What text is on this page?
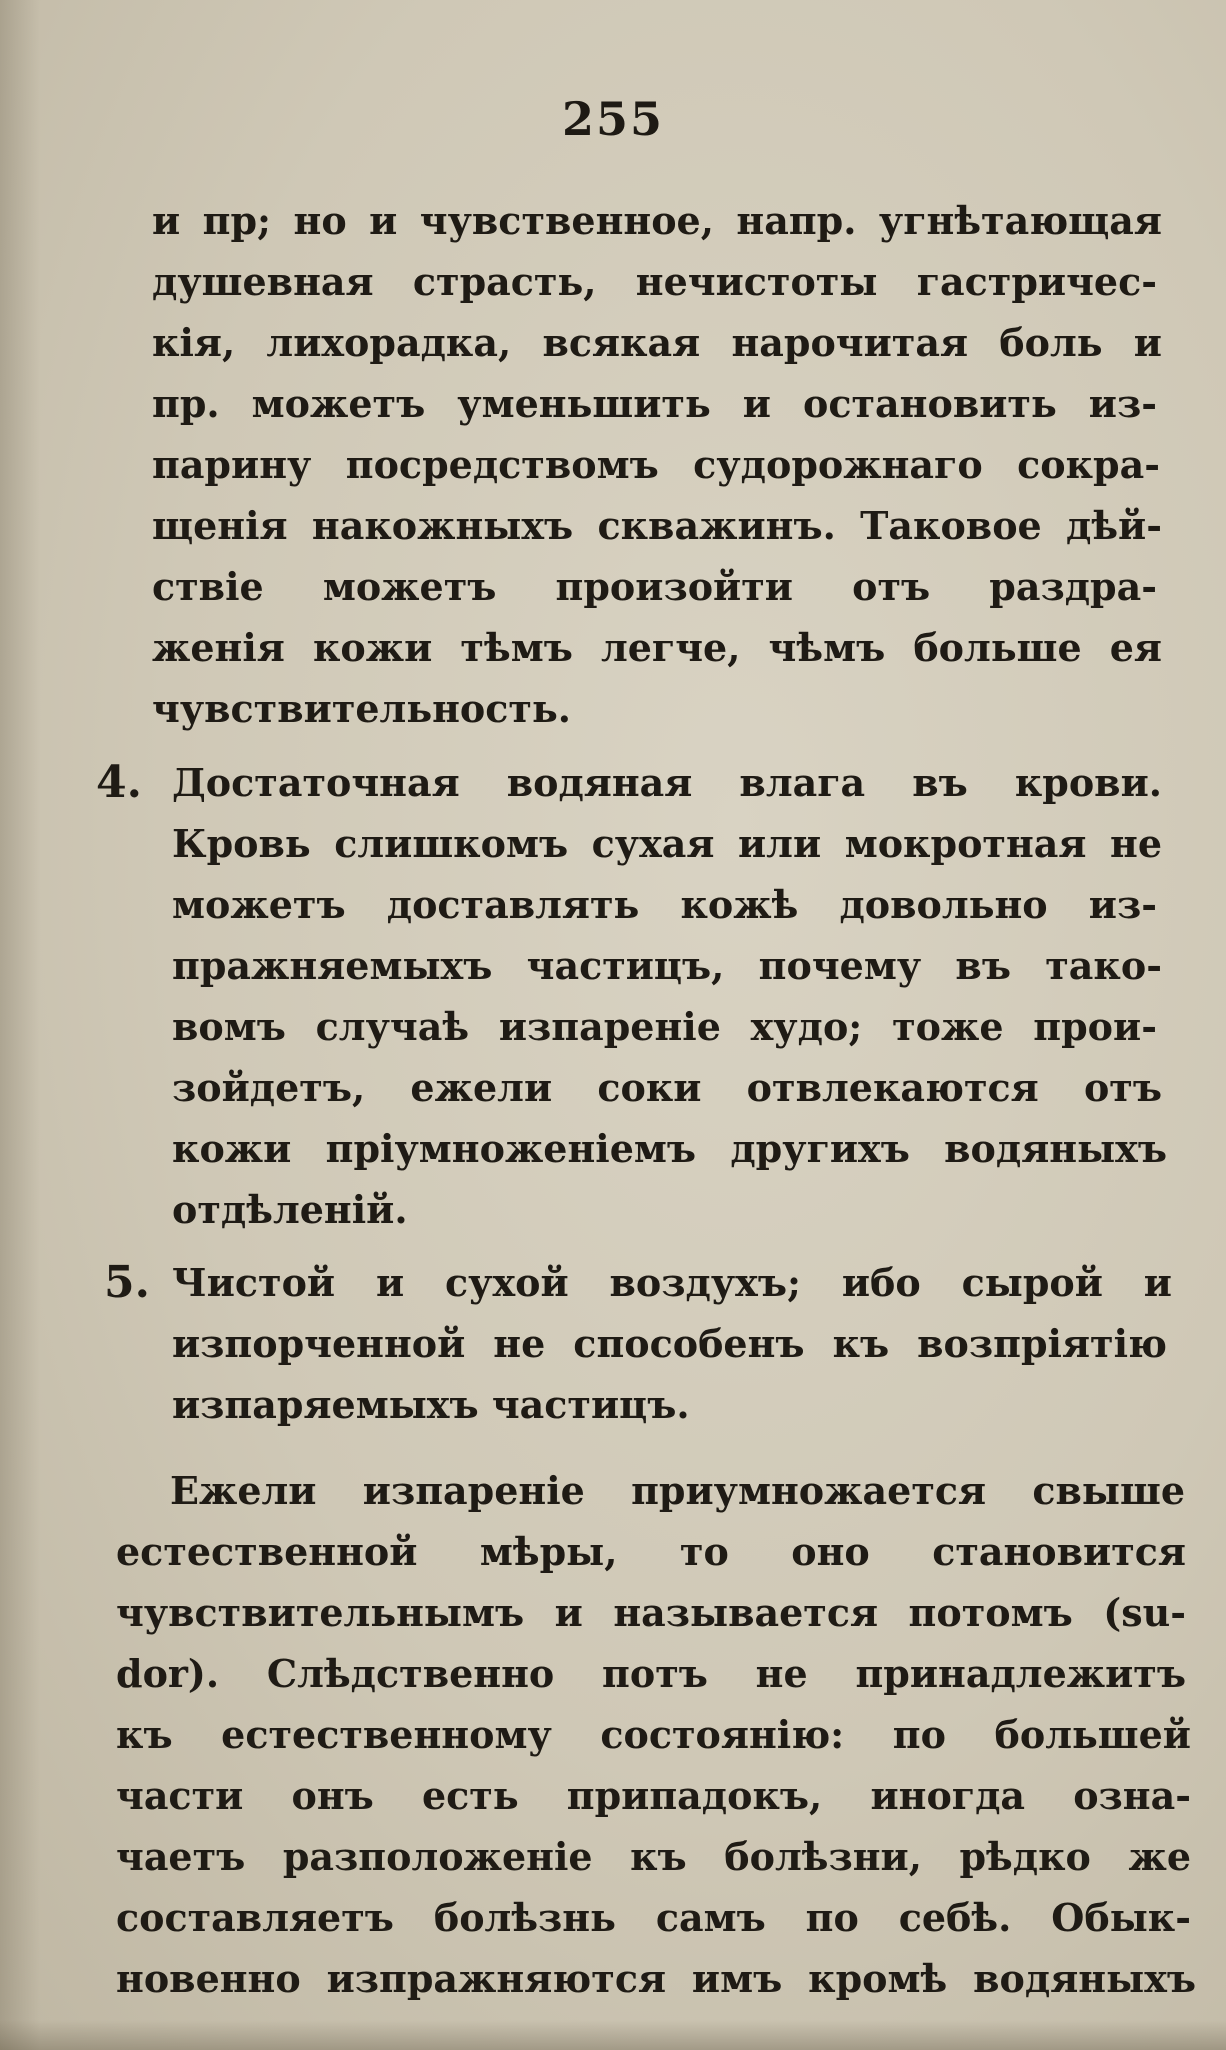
255
и пр; но и чувственное, напр. угнѣтающая
душевная страсть, нечистоты гастричес-
кія, лихорадка, всякая нарочитая боль и
пр. можетъ уменьшить и остановить из-
парину посредствомъ судорожнаго сокра-
щенія накожныхъ скважинъ. Таковое дѣй-
ствіе можетъ произойти отъ раздра-
женія кожи тѣмъ легче, чѣмъ больше ея
чувствительность.
4. Достаточная водяная влага въ крови.
Кровь слишкомъ сухая или мокротная не
можетъ доставлять кожѣ довольно из-
пражняемыхъ частицъ, почему въ тако-
вомъ случаѣ изпареніе худо; тоже прои-
зойдетъ, ежели соки отвлекаются отъ
кожи пріумноженіемъ другихъ водяныхъ
отдѣленій.
5. Чистой и сухой воздухъ; ибо сырой и
изпорченной не способенъ къ возпріятію
изпаряемыхъ частицъ.
Ежели изпареніе приумножается свыше
естественной мѣры, то оно становится
чувствительнымъ и называется потомъ (su-
dor). Слѣдственно потъ не принадлежитъ
къ естественному состоянію: по большей
части онъ есть припадокъ, иногда озна-
чаетъ разположеніе къ болѣзни, рѣдко же
составляетъ болѣзнь самъ по себѣ. Обык-
новенно изпражняются имъ кромѣ водяныхъ
